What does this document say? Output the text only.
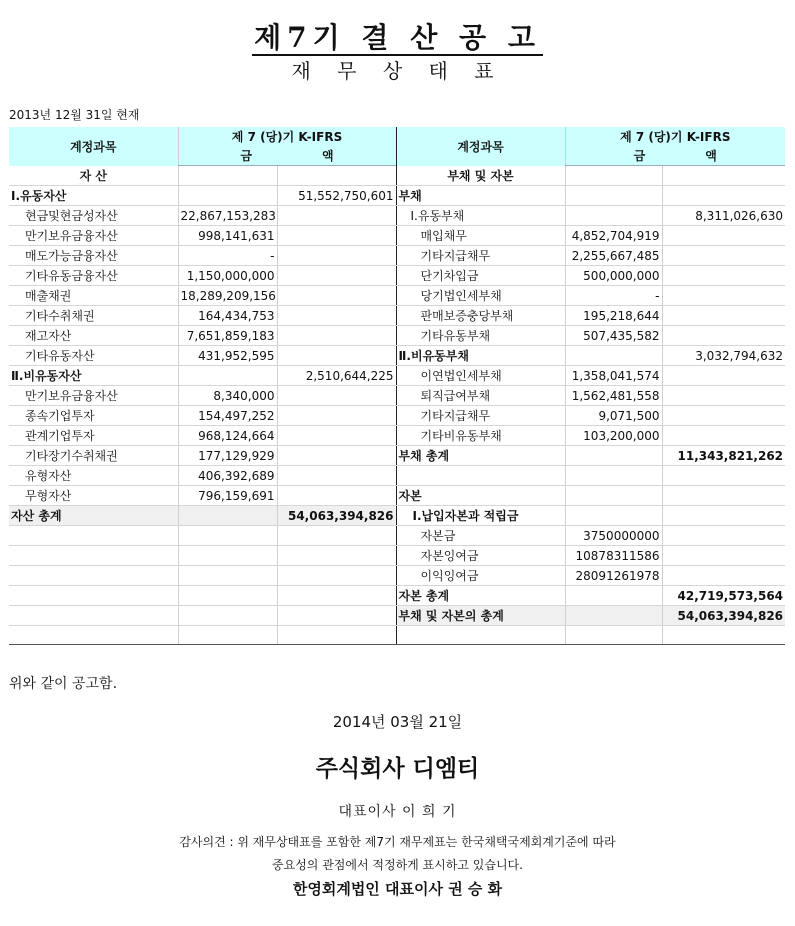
제7기 결 산 공 고
재 무 상 태 표
2013년 12월 31일 현재
계정과목	제 7 (당)기 K-IFRS		계정과목	제 7 (당)기 K-IFRS	
	금 액			금 액	
자 산			부채 및 자본		
Ⅰ.유동자산		51,552,750,601	부채		
현금및현금성자산	22,867,153,283		Ⅰ.유동부채		8,311,026,630
만기보유금융자산	998,141,631		매입채무	4,852,704,919	
매도가능금융자산	-		기타지급채무	2,255,667,485	
기타유동금융자산	1,150,000,000		단기차입금	500,000,000	
매출채권	18,289,209,156		당기법인세부채	-	
기타수취채권	164,434,753		판매보증충당부채	195,218,644	
재고자산	7,651,859,183		기타유동부채	507,435,582	
기타유동자산	431,952,595		Ⅱ.비유동부채		3,032,794,632
Ⅱ.비유동자산		2,510,644,225	이연법인세부채	1,358,041,574	
만기보유금융자산	8,340,000		퇴직급여부채	1,562,481,558	
종속기업투자	154,497,252		기타지급채무	9,071,500	
관계기업투자	968,124,664		기타비유동부채	103,200,000	
기타장기수취채권	177,129,929		부채 총계		11,343,821,262
유형자산	406,392,689				
무형자산	796,159,691		자본		
자산 총계		54,063,394,826	Ⅰ.납입자본과 적립금		
			자본금	3750000000	
			자본잉여금	10878311586	
			이익잉여금	28091261978	
			자본 총계		42,719,573,564
			부채 및 자본의 총계		54,063,394,826

위와 같이 공고함.
2014년 03월 21일
주식회사 디엠티
대표이사 이 희 기
감사의견 : 위 재무상태표를 포함한 제7기 재무제표는 한국채택국제회계기준에 따라
중요성의 관점에서 적정하게 표시하고 있습니다.
한영회계법인 대표이사 권 승 화
